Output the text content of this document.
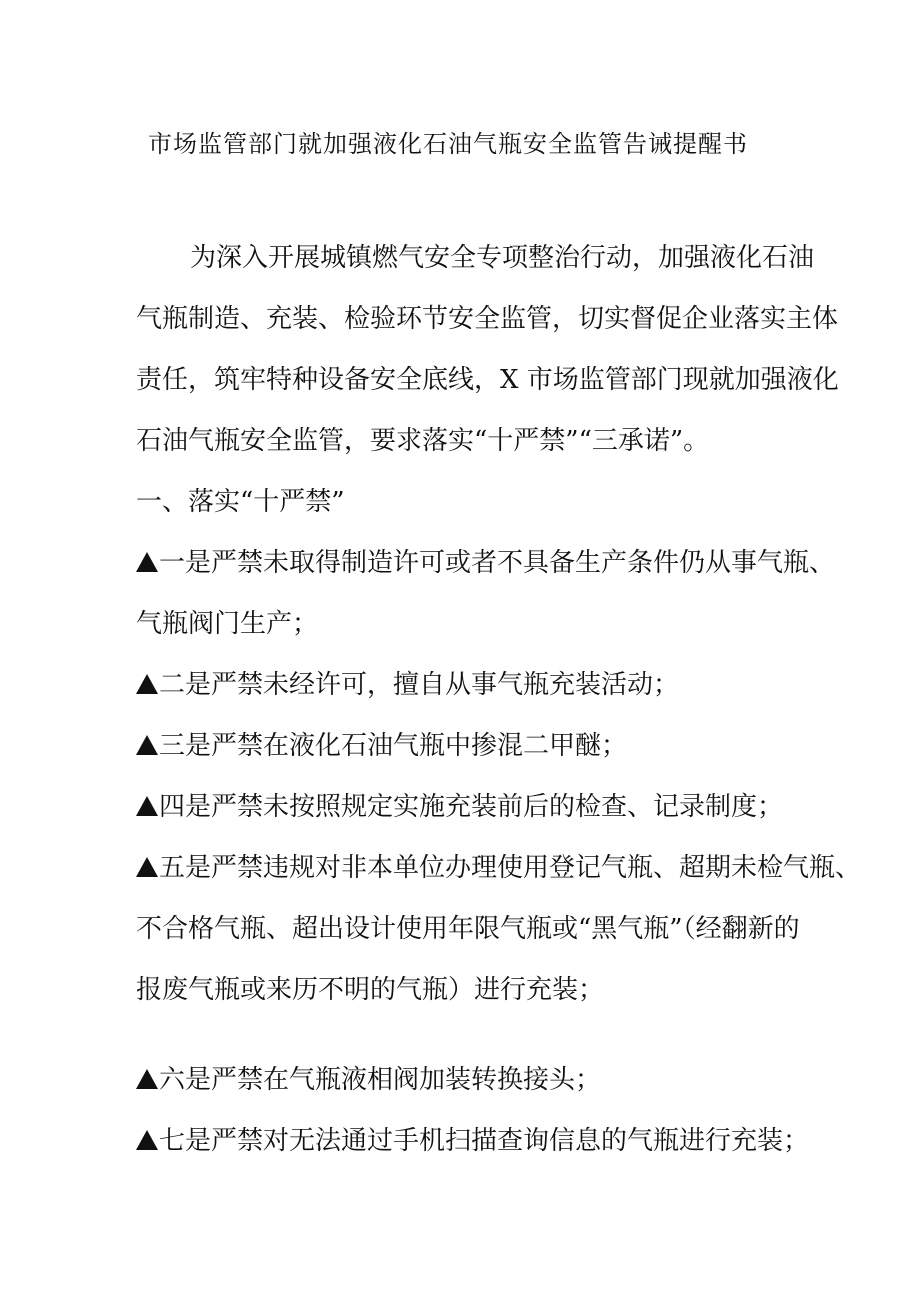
市场监管部门就加强液化石油气瓶安全监管告诫提醒书
为深入开展城镇燃气安全专项整治行动，加强液化石油
气瓶制造、充装、检验环节安全监管，切实督促企业落实主体
责任，筑牢特种设备安全底线，X 市场监管部门现就加强液化
石油气瓶安全监管，要求落实“十严禁”“三承诺”。
一、落实“十严禁”
一是严禁未取得制造许可或者不具备生产条件仍从事气瓶、
气瓶阀门生产；
二是严禁未经许可，擅自从事气瓶充装活动；
三是严禁在液化石油气瓶中掺混二甲醚；
四是严禁未按照规定实施充装前后的检查、记录制度；
五是严禁违规对非本单位办理使用登记气瓶、超期未检气瓶、
不合格气瓶、超出设计使用年限气瓶或“黑气瓶”（经翻新的
报废气瓶或来历不明的气瓶）进行充装；
六是严禁在气瓶液相阀加装转换接头；
七是严禁对无法通过手机扫描查询信息的气瓶进行充装；
